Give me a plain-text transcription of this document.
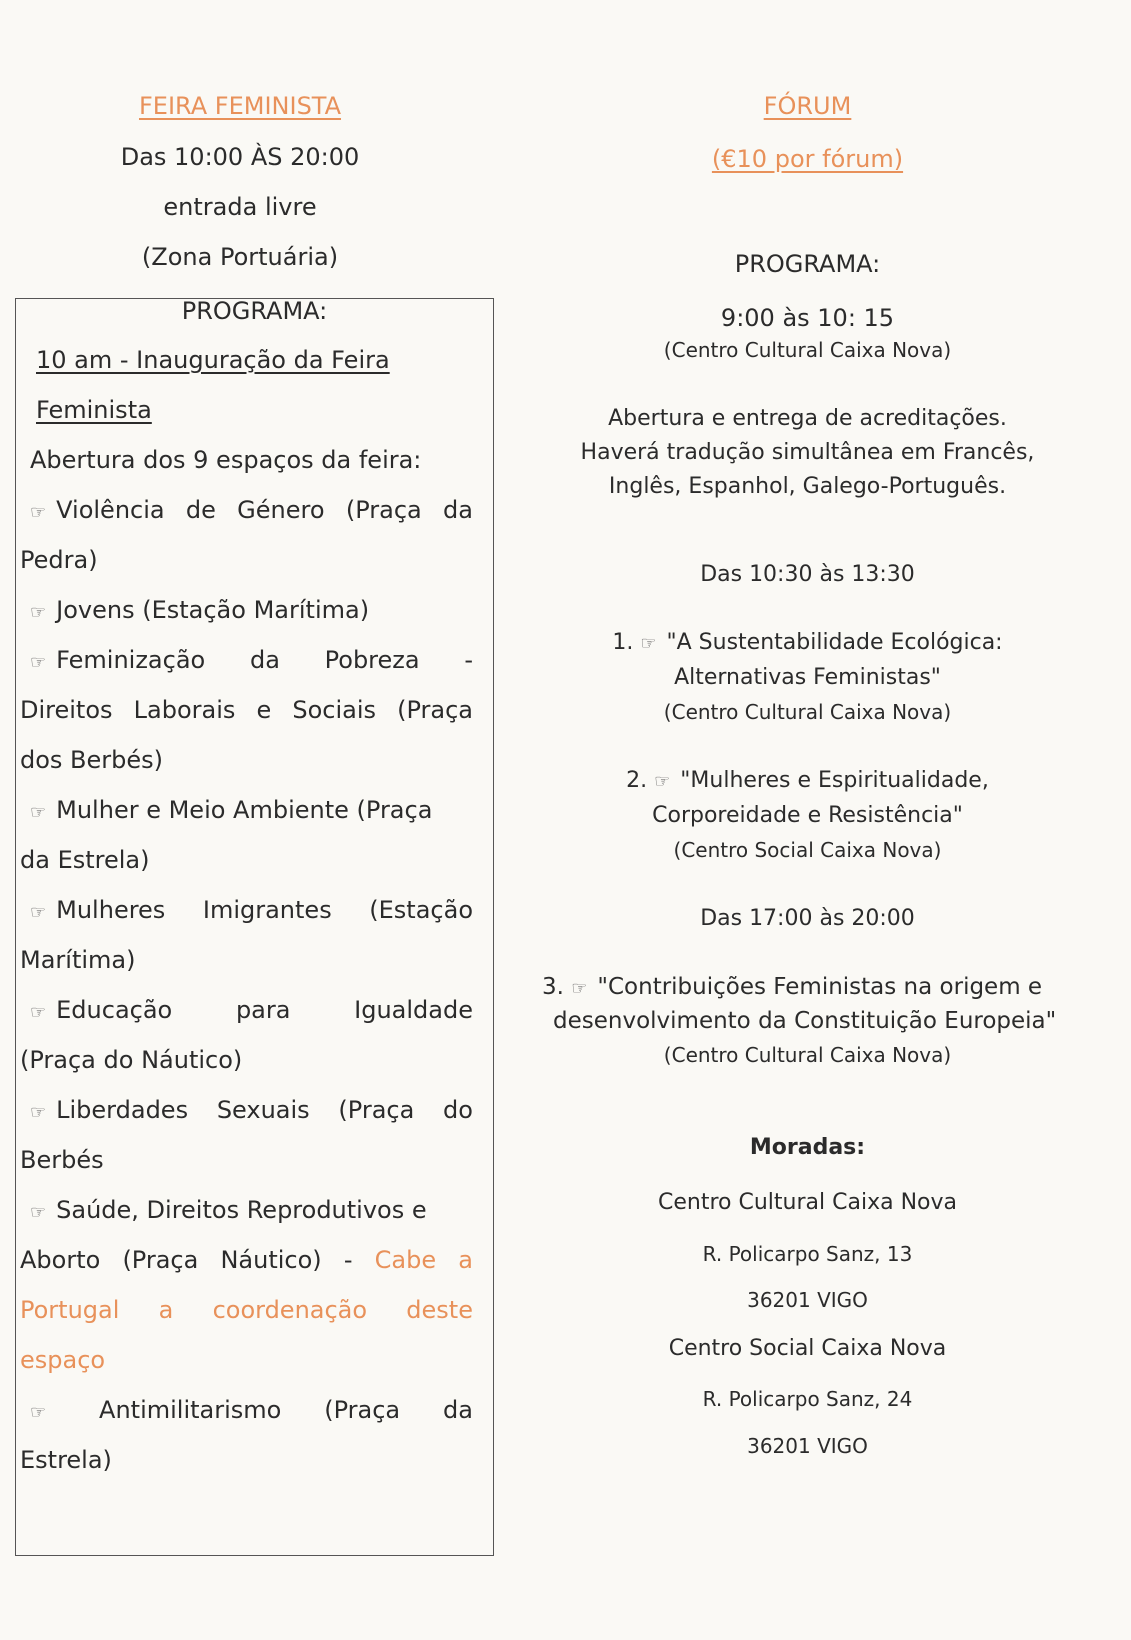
FEIRA FEMINISTA
Das 10:00 ÀS 20:00
entrada livre
(Zona Portuária)
PROGRAMA:
10 am - Inauguração da Feira
Feminista
Abertura dos 9 espaços da feira:
☞ Violência de Género (Praça da
Pedra)
☞ Jovens (Estação Marítima)
☞ Feminização da Pobreza -
Direitos Laborais e Sociais (Praça
dos Berbés)
☞ Mulher e Meio Ambiente (Praça
da Estrela)
☞ Mulheres Imigrantes (Estação
Marítima)
☞ Educação	para	Igualdade
(Praça do Náutico)
☞ Liberdades Sexuais (Praça do
Berbés
☞ Saúde, Direitos Reprodutivos e
Aborto (Praça Náutico) - Cabe a
Portugal a coordenação deste
espaço
☞	Antimilitarismo (Praça da
Estrela)
FÓRUM
(€10 por fórum)
PROGRAMA:
9:00 às 10: 15
(Centro Cultural Caixa Nova)
Abertura e entrega de acreditações.
Haverá tradução simultânea em Francês,
Inglês, Espanhol, Galego-Português.
Das 10:30 às 13:30
1. ☞ "A Sustentabilidade Ecológica:
Alternativas Feministas"
(Centro Cultural Caixa Nova)
2. ☞ "Mulheres e Espiritualidade,
Corporeidade e Resistência"
(Centro Social Caixa Nova)
Das 17:00 às 20:00
3. ☞ "Contribuições Feministas na origem e
desenvolvimento da Constituição Europeia"
(Centro Cultural Caixa Nova)
Moradas:
Centro Cultural Caixa Nova
R. Policarpo Sanz, 13
36201 VIGO
Centro Social Caixa Nova
R. Policarpo Sanz, 24
36201 VIGO
